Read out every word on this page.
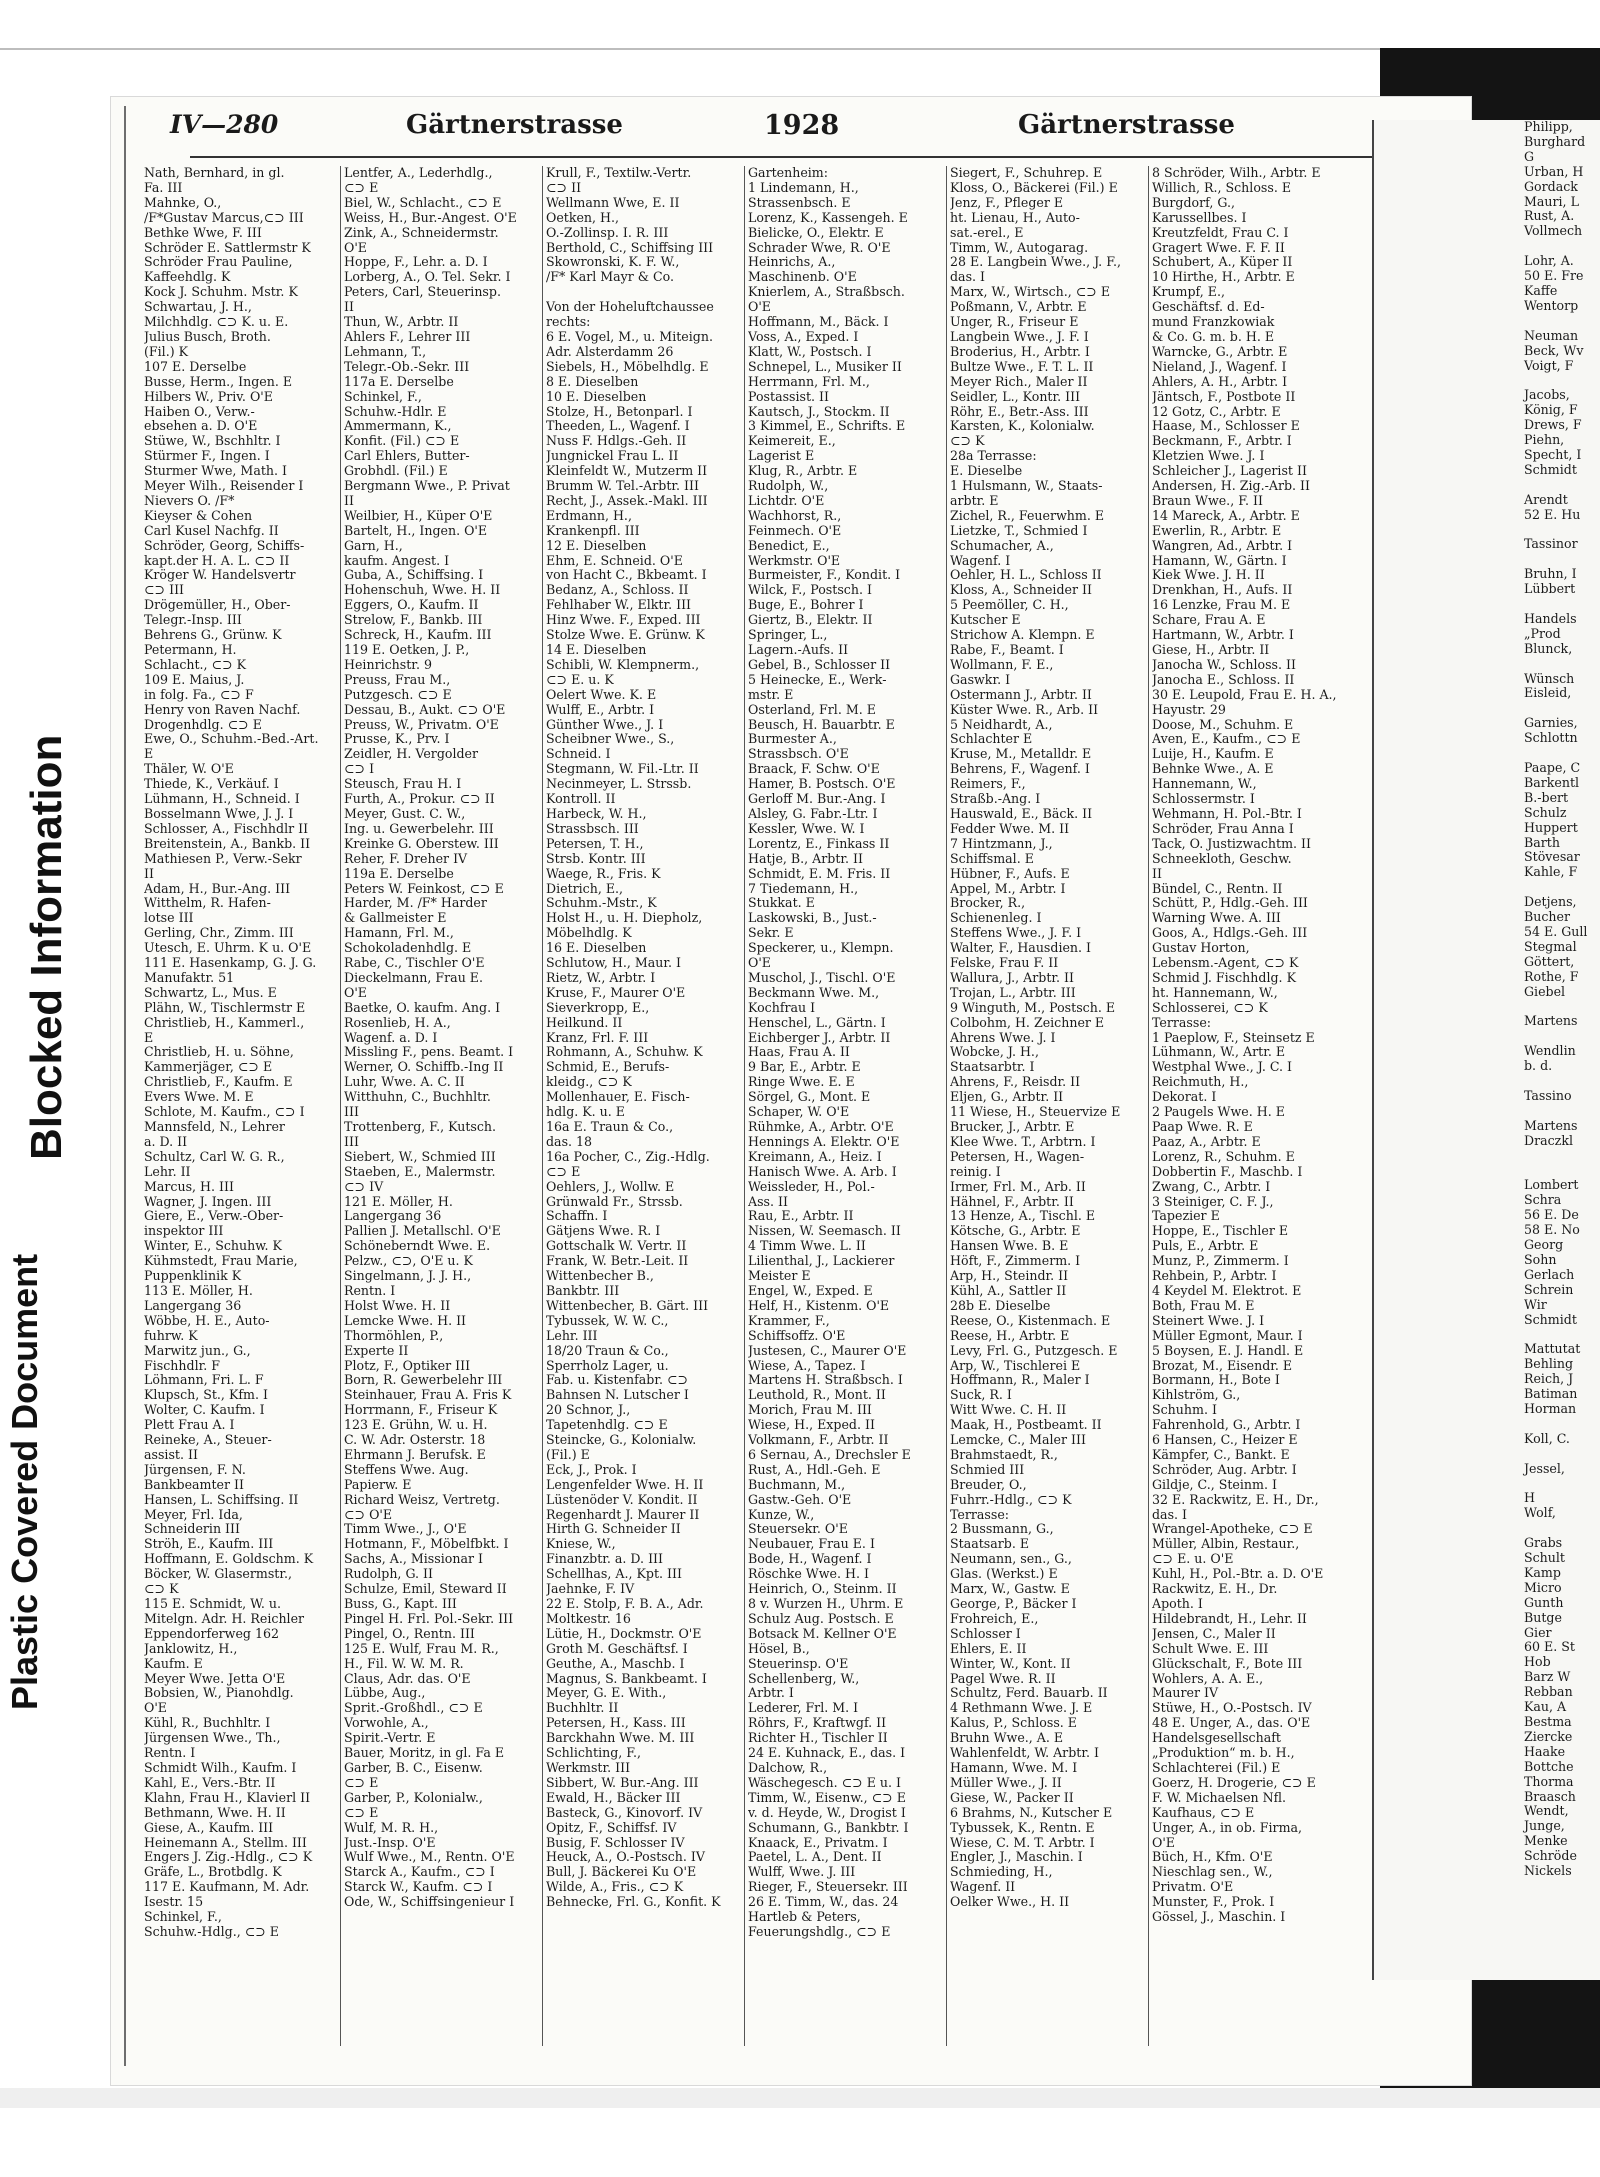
Blocked Information
Plastic Covered Document
IV—280	Gärtnerstrasse	1928	Gärtnerstrasse
Nath, Bernhard, in gl.
Fa. III
Mahnke, O.,
/F*Gustav Marcus,⊂⊃ III
Bethke Wwe, F. III
Schröder E. Sattlermstr K
Schröder Frau Pauline,
Kaffeehdlg. K
Kock J. Schuhm. Mstr. K
Schwartau, J. H.,
Milchhdlg. ⊂⊃ K. u. E.
Julius Busch, Broth.
(Fil.) K
107 E. Derselbe
Busse, Herm., Ingen. E
Hilbers W., Priv. O'E
Haiben O., Verw.-
ebsehen a. D. O'E
Stüwe, W., Bschhltr. I
Stürmer F., Ingen. I
Sturmer Wwe, Math. I
Meyer Wilh., Reisender I
Nievers O. /F*
Kieyser & Cohen
Carl Kusel Nachfg. II
Schröder, Georg, Schiffs-
kapt.der H. A. L. ⊂⊃ II
Kröger W. Handelsvertr
⊂⊃ III
Drögemüller, H., Ober-
Telegr.-Insp. III
Behrens G., Grünw. K
Petermann, H.
Schlacht., ⊂⊃ K
109 E. Maius, J.
in folg. Fa., ⊂⊃ F
Henry von Raven Nachf.
Drogenhdlg. ⊂⊃ E
Ewe, O., Schuhm.-Bed.-Art.
E
Thäler, W. O'E
Thiede, K., Verkäuf. I
Lühmann, H., Schneid. I
Bosselmann Wwe, J. J. I
Schlosser, A., Fischhdlr II
Breitenstein, A., Bankb. II
Mathiesen P., Verw.-Sekr
II
Adam, H., Bur.-Ang. III
Witthelm, R. Hafen-
lotse III
Gerling, Chr., Zimm. III
Utesch, E. Uhrm. K u. O'E
111 E. Hasenkamp, G. J. G.
Manufaktr. 51
Schwartz, L., Mus. E
Plähn, W., Tischlermstr E
Christlieb, H., Kammerl.,
E
Christlieb, H. u. Söhne,
Kammerjäger, ⊂⊃ E
Christlieb, F., Kaufm. E
Evers Wwe. M. E
Schlote, M. Kaufm., ⊂⊃ I
Mannsfeld, N., Lehrer
a. D. II
Schultz, Carl W. G. R.,
Lehr. II
Marcus, H. III
Wagner, J. Ingen. III
Giere, E., Verw.-Ober-
inspektor III
Winter, E., Schuhw. K
Kühmstedt, Frau Marie,
Puppenklinik K
113 E. Möller, H.
Langergang 36
Wöbbe, H. E., Auto-
fuhrw. K
Marwitz jun., G.,
Fischhdlr. F
Löhmann, Fri. L. F
Klupsch, St., Kfm. I
Wolter, C. Kaufm. I
Plett Frau A. I
Reineke, A., Steuer-
assist. II
Jürgensen, F. N.
Bankbeamter II
Hansen, L. Schiffsing. II
Meyer, Frl. Ida,
Schneiderin III
Ströh, E., Kaufm. III
Hoffmann, E. Goldschm. K
Böcker, W. Glasermstr.,
⊂⊃ K
115 E. Schmidt, W. u.
Mitelgn. Adr. H. Reichler
Eppendorferweg 162
Janklowitz, H.,
Kaufm. E
Meyer Wwe. Jetta O'E
Bobsien, W., Pianohdlg.
O'E
Kühl, R., Buchhltr. I
Jürgensen Wwe., Th.,
Rentn. I
Schmidt Wilh., Kaufm. I
Kahl, E., Vers.-Btr. II
Klahn, Frau H., Klavierl II
Bethmann, Wwe. H. II
Giese, A., Kaufm. III
Heinemann A., Stellm. III
Engers J. Zig.-Hdlg., ⊂⊃ K
Gräfe, L., Brotbdlg. K
117 E. Kaufmann, M. Adr.
Isestr. 15
Schinkel, F.,
Schuhw.-Hdlg., ⊂⊃ E
Lentfer, A., Lederhdlg.,
⊂⊃ E
Biel, W., Schlacht., ⊂⊃ E
Weiss, H., Bur.-Angest. O'E
Zink, A., Schneidermstr.
O'E
Hoppe, F., Lehr. a. D. I
Lorberg, A., O. Tel. Sekr. I
Peters, Carl, Steuerinsp.
II
Thun, W., Arbtr. II
Ahlers F., Lehrer III
Lehmann, T.,
Telegr.-Ob.-Sekr. III
117a E. Derselbe
Schinkel, F.,
Schuhw.-Hdlr. E
Ammermann, K.,
Konfit. (Fil.) ⊂⊃ E
Carl Ehlers, Butter-
Grobhdl. (Fil.) E
Bergmann Wwe., P. Privat
II
Weilbier, H., Küper O'E
Bartelt, H., Ingen. O'E
Garn, H.,
kaufm. Angest. I
Guba, A., Schiffsing. I
Hohenschuh, Wwe. H. II
Eggers, O., Kaufm. II
Strelow, F., Bankb. III
Schreck, H., Kaufm. III
119 E. Oetken, J. P.,
Heinrichstr. 9
Preuss, Frau M.,
Putzgesch. ⊂⊃ E
Dessau, B., Aukt. ⊂⊃ O'E
Preuss, W., Privatm. O'E
Prusse, K., Prv. I
Zeidler, H. Vergolder
⊂⊃ I
Steusch, Frau H. I
Furth, A., Prokur. ⊂⊃ II
Meyer, Gust. C. W.,
Ing. u. Gewerbelehr. III
Kreinke G. Oberstew. III
Reher, F. Dreher IV
119a E. Derselbe
Peters W. Feinkost, ⊂⊃ E
Harder, M. /F* Harder
& Gallmeister E
Hamann, Frl. M.,
Schokoladenhdlg. E
Rabe, C., Tischler O'E
Dieckelmann, Frau E.
O'E
Baetke, O. kaufm. Ang. I
Rosenlieb, H. A.,
Wagenf. a. D. I
Missling F., pens. Beamt. I
Werner, O. Schiffb.-Ing II
Luhr, Wwe. A. C. II
Witthuhn, C., Buchhltr.
III
Trottenberg, F., Kutsch.
III
Siebert, W., Schmied III
Staeben, E., Malermstr.
⊂⊃ IV
121 E. Möller, H.
Langergang 36
Pallien J. Metallschl. O'E
Schöneberndt Wwe. E.
Pelzw., ⊂⊃, O'E u. K
Singelmann, J. J. H.,
Rentn. I
Holst Wwe. H. II
Lemcke Wwe. H. II
Thormöhlen, P.,
Experte II
Plotz, F., Optiker III
Born, R. Gewerbelehr III
Steinhauer, Frau A. Fris K
Horrmann, F., Friseur K
123 E. Grühn, W. u. H.
C. W. Adr. Osterstr. 18
Ehrmann J. Berufsk. E
Steffens Wwe. Aug.
Papierw. E
Richard Weisz, Vertretg.
⊂⊃ O'E
Timm Wwe., J., O'E
Hotmann, F., Möbelfbkt. I
Sachs, A., Missionar I
Rudolph, G. II
Schulze, Emil, Steward II
Buss, G., Kapt. III
Pingel H. Frl. Pol.-Sekr. III
Pingel, O., Rentn. III
125 E. Wulf, Frau M. R.,
H., Fil. W. W. M. R.
Claus, Adr. das. O'E
Lübbe, Aug.,
Sprit.-Großhdl., ⊂⊃ E
Vorwohle, A.,
Spirit.-Vertr. E
Bauer, Moritz, in gl. Fa E
Garber, B. C., Eisenw.
⊂⊃ E
Garber, P., Kolonialw.,
⊂⊃ E
Wulf, M. R. H.,
Just.-Insp. O'E
Wulf Wwe., M., Rentn. O'E
Starck A., Kaufm., ⊂⊃ I
Starck W., Kaufm. ⊂⊃ I
Ode, W., Schiffsingenieur I
Krull, F., Textilw.-Vertr.
⊂⊃ II
Wellmann Wwe, E. II
Oetken, H.,
O.-Zollinsp. I. R. III
Berthold, C., Schiffsing III
Skowronski, K. F. W.,
/F* Karl Mayr & Co.

Von der Hoheluftchaussee
rechts:
6 E. Vogel, M., u. Miteign.
Adr. Alsterdamm 26
Siebels, H., Möbelhdlg. E
8 E. Dieselben
10 E. Dieselben
Stolze, H., Betonparl. I
Theeden, L., Wagenf. I
Nuss F. Hdlgs.-Geh. II
Jungnickel Frau L. II
Kleinfeldt W., Mutzerm II
Brumm W. Tel.-Arbtr. III
Recht, J., Assek.-Makl. III
Erdmann, H.,
Krankenpfl. III
12 E. Dieselben
Ehm, E. Schneid. O'E
von Hacht C., Bkbeamt. I
Bedanz, A., Schloss. II
Fehlhaber W., Elktr. III
Hinz Wwe. F., Exped. III
Stolze Wwe. E. Grünw. K
14 E. Dieselben
Schibli, W. Klempnerm.,
⊂⊃ E. u. K
Oelert Wwe. K. E
Wulff, E., Arbtr. I
Günther Wwe., J. I
Scheibner Wwe., S.,
Schneid. I
Stegmann, W. Fil.-Ltr. II
Necinmeyer, L. Strssb.
Kontroll. II
Harbeck, W. H.,
Strassbsch. III
Petersen, T. H.,
Strsb. Kontr. III
Waege, R., Fris. K
Dietrich, E.,
Schuhm.-Mstr., K
Holst H., u. H. Diepholz,
Möbelhdlg. K
16 E. Dieselben
Schlutow, H., Maur. I
Rietz, W., Arbtr. I
Kruse, F., Maurer O'E
Sieverkropp, E.,
Heilkund. II
Kranz, Frl. F. III
Rohmann, A., Schuhw. K
Schmid, E., Berufs-
kleidg., ⊂⊃ K
Mollenhauer, E. Fisch-
hdlg. K. u. E
16a E. Traun & Co.,
das. 18
16a Pocher, C., Zig.-Hdlg.
⊂⊃ E
Oehlers, J., Wollw. E
Grünwald Fr., Strssb.
Schaffn. I
Gätjens Wwe. R. I
Gottschalk W. Vertr. II
Frank, W. Betr.-Leit. II
Wittenbecher B.,
Bankbtr. III
Wittenbecher, B. Gärt. III
Tybussek, W. W. C.,
Lehr. III
18/20 Traun & Co.,
Sperrholz Lager, u.
Fab. u. Kistenfabr. ⊂⊃
Bahnsen N. Lutscher I
20 Schnor, J.,
Tapetenhdlg. ⊂⊃ E
Steincke, G., Kolonialw.
(Fil.) E
Eck, J., Prok. I
Lengenfelder Wwe. H. II
Lüstenöder V. Kondit. II
Regenhardt J. Maurer II
Hirth G. Schneider II
Kniese, W.,
Finanzbtr. a. D. III
Schellhas, A., Kpt. III
Jaehnke, F. IV
22 E. Stolp, F. B. A., Adr.
Moltkestr. 16
Lütie, H., Dockmstr. O'E
Groth M. Geschäftsf. I
Geuthe, A., Maschb. I
Magnus, S. Bankbeamt. I
Meyer, G. E. With.,
Buchhltr. II
Petersen, H., Kass. III
Barckhahn Wwe. M. III
Schlichting, F.,
Werkmstr. III
Sibbert, W. Bur.-Ang. III
Ewald, H., Bäcker III
Basteck, G., Kinovorf. IV
Opitz, F., Schiffsf. IV
Busig, F. Schlosser IV
Heuck, A., O.-Postsch. IV
Bull, J. Bäckerei Ku O'E
Wilde, A., Fris., ⊂⊃ K
Behnecke, Frl. G., Konfit. K
Gartenheim:
1 Lindemann, H.,
Strassenbsch. E
Lorenz, K., Kassengeh. E
Bielicke, O., Elektr. E
Schrader Wwe, R. O'E
Heinrichs, A.,
Maschinenb. O'E
Knierlem, A., Straßbsch.
O'E
Hoffmann, M., Bäck. I
Voss, A., Exped. I
Klatt, W., Postsch. I
Schnepel, L., Musiker II
Herrmann, Frl. M.,
Postassist. II
Kautsch, J., Stockm. II
3 Kimmel, E., Schrifts. E
Keimereit, E.,
Lagerist E
Klug, R., Arbtr. E
Rudolph, W.,
Lichtdr. O'E
Wachhorst, R.,
Feinmech. O'E
Benedict, E.,
Werkmstr. O'E
Burmeister, F., Kondit. I
Wilck, F., Postsch. I
Buge, E., Bohrer I
Giertz, B., Elektr. II
Springer, L.,
Lagern.-Aufs. II
Gebel, B., Schlosser II
5 Heinecke, E., Werk-
mstr. E
Osterland, Frl. M. E
Beusch, H. Bauarbtr. E
Burmester A.,
Strassbsch. O'E
Braack, F. Schw. O'E
Hamer, B. Postsch. O'E
Gerloff M. Bur.-Ang. I
Alsley, G. Fabr.-Ltr. I
Kessler, Wwe. W. I
Lorentz, E., Finkass II
Hatje, B., Arbtr. II
Schmidt, E. M. Fris. II
7 Tiedemann, H.,
Stukkat. E
Laskowski, B., Just.-
Sekr. E
Speckerer, u., Klempn.
O'E
Muschol, J., Tischl. O'E
Beckmann Wwe. M.,
Kochfrau I
Henschel, L., Gärtn. I
Eichberger J., Arbtr. II
Haas, Frau A. II
9 Bar, E., Arbtr. E
Ringe Wwe. E. E
Sörgel, G., Mont. E
Schaper, W. O'E
Rühmke, A., Arbtr. O'E
Hennings A. Elektr. O'E
Kreimann, A., Heiz. I
Hanisch Wwe. A. Arb. I
Weissleder, H., Pol.-
Ass. II
Rau, E., Arbtr. II
Nissen, W. Seemasch. II
4 Timm Wwe. L. II
Lilienthal, J., Lackierer
Meister E
Engel, W., Exped. E
Helf, H., Kistenm. O'E
Krammer, F.,
Schiffsoffz. O'E
Justesen, C., Maurer O'E
Wiese, A., Tapez. I
Martens H. Straßbsch. I
Leuthold, R., Mont. II
Morich, Frau M. III
Wiese, H., Exped. II
Volkmann, F., Arbtr. II
6 Sernau, A., Drechsler E
Rust, A., Hdl.-Geh. E
Buchmann, M.,
Gastw.-Geh. O'E
Kunze, W.,
Steuersekr. O'E
Neubauer, Frau E. I
Bode, H., Wagenf. I
Röschke Wwe. H. I
Heinrich, O., Steinm. II
8 v. Wurzen H., Uhrm. E
Schulz Aug. Postsch. E
Botsack M. Kellner O'E
Hösel, B.,
Steuerinsp. O'E
Schellenberg, W.,
Arbtr. I
Lederer, Frl. M. I
Röhrs, F., Kraftwgf. II
Richter H., Tischler II
24 E. Kuhnack, E., das. I
Dalchow, R.,
Wäschegesch. ⊂⊃ E u. I
Timm, W., Eisenw., ⊂⊃ E
v. d. Heyde, W., Drogist I
Schumann, G., Bankbtr. I
Knaack, E., Privatm. I
Paetel, L. A., Dent. II
Wulff, Wwe. J. III
Rieger, F., Steuersekr. III
26 E. Timm, W., das. 24
Hartleb & Peters,
Feuerungshdlg., ⊂⊃ E
Siegert, F., Schuhrep. E
Kloss, O., Bäckerei (Fil.) E
Jenz, F., Pfleger E
ht. Lienau, H., Auto-
sat.-erel., E
Timm, W., Autogarag.
28 E. Langbein Wwe., J. F.,
das. I
Marx, W., Wirtsch., ⊂⊃ E
Poßmann, V., Arbtr. E
Unger, R., Friseur E
Langbein Wwe., J. F. I
Broderius, H., Arbtr. I
Bultze Wwe., F. T. L. II
Meyer Rich., Maler II
Seidler, L., Kontr. III
Röhr, E., Betr.-Ass. III
Karsten, K., Kolonialw.
⊂⊃ K
28a Terrasse:
E. Dieselbe
1 Hulsmann, W., Staats-
arbtr. E
Zichel, R., Feuerwhm. E
Lietzke, T., Schmied I
Schumacher, A.,
Wagenf. I
Oehler, H. L., Schloss II
Kloss, A., Schneider II
5 Peemöller, C. H.,
Kutscher E
Strichow A. Klempn. E
Rabe, F., Beamt. I
Wollmann, F. E.,
Gaswkr. I
Ostermann J., Arbtr. II
Küster Wwe. R., Arb. II
5 Neidhardt, A.,
Schlachter E
Kruse, M., Metalldr. E
Behrens, F., Wagenf. I
Reimers, F.,
Straßb.-Ang. I
Hauswald, E., Bäck. II
Fedder Wwe. M. II
7 Hintzmann, J.,
Schiffsmal. E
Hübner, F., Aufs. E
Appel, M., Arbtr. I
Brocker, R.,
Schienenleg. I
Steffens Wwe., J. F. I
Walter, F., Hausdien. I
Felske, Frau F. II
Wallura, J., Arbtr. II
Trojan, L., Arbtr. III
9 Winguth, M., Postsch. E
Colbohm, H. Zeichner E
Ahrens Wwe. J. I
Wobcke, J. H.,
Staatsarbtr. I
Ahrens, F., Reisdr. II
Eljen, G., Arbtr. II
11 Wiese, H., Steuervize E
Brucker, J., Arbtr. E
Klee Wwe. T., Arbtrn. I
Petersen, H., Wagen-
reinig. I
Irmer, Frl. M., Arb. II
Hähnel, F., Arbtr. II
13 Henze, A., Tischl. E
Kötsche, G., Arbtr. E
Hansen Wwe. B. E
Höft, F., Zimmerm. I
Arp, H., Steindr. II
Kühl, A., Sattler II
28b E. Dieselbe
Reese, O., Kistenmach. E
Reese, H., Arbtr. E
Levy, Frl. G., Putzgesch. E
Arp, W., Tischlerei E
Hoffmann, R., Maler I
Suck, R. I
Witt Wwe. C. H. II
Maak, H., Postbeamt. II
Lemcke, C., Maler III
Brahmstaedt, R.,
Schmied III
Breuder, O.,
Fuhrr.-Hdlg., ⊂⊃ K
Terrasse:
2 Bussmann, G.,
Staatsarb. E
Neumann, sen., G.,
Glas. (Werkst.) E
Marx, W., Gastw. E
George, P., Bäcker I
Frohreich, E.,
Schlosser I
Ehlers, E. II
Winter, W., Kont. II
Pagel Wwe. R. II
Schultz, Ferd. Bauarb. II
4 Rethmann Wwe. J. E
Kalus, P., Schloss. E
Bruhn Wwe., A. E
Wahlenfeldt, W. Arbtr. I
Hamann, Wwe. M. I
Müller Wwe., J. II
Giese, W., Packer II
6 Brahms, N., Kutscher E
Tybussek, K., Rentn. E
Wiese, C. M. T. Arbtr. I
Engler, J., Maschin. I
Schmieding, H.,
Wagenf. II
Oelker Wwe., H. II
8 Schröder, Wilh., Arbtr. E
Willich, R., Schloss. E
Burgdorf, G.,
Karussellbes. I
Kreutzfeldt, Frau C. I
Gragert Wwe. F. F. II
Schubert, A., Küper II
10 Hirthe, H., Arbtr. E
Krumpf, E.,
Geschäftsf. d. Ed-
mund Franzkowiak
& Co. G. m. b. H. E
Warncke, G., Arbtr. E
Nieland, J., Wagenf. I
Ahlers, A. H., Arbtr. I
Jäntsch, F., Postbote II
12 Gotz, C., Arbtr. E
Haase, M., Schlosser E
Beckmann, F., Arbtr. I
Kletzien Wwe. J. I
Schleicher J., Lagerist II
Andersen, H. Zig.-Arb. II
Braun Wwe., F. II
14 Mareck, A., Arbtr. E
Ewerlin, R., Arbtr. E
Wangren, Ad., Arbtr. I
Hamann, W., Gärtn. I
Kiek Wwe. J. H. II
Drenkhan, H., Aufs. II
16 Lenzke, Frau M. E
Schare, Frau A. E
Hartmann, W., Arbtr. I
Giese, H., Arbtr. II
Janocha W., Schloss. II
Janocha E., Schloss. II
30 E. Leupold, Frau E. H. A.,
Hayustr. 29
Doose, M., Schuhm. E
Aven, E., Kaufm., ⊂⊃ E
Luije, H., Kaufm. E
Behnke Wwe., A. E
Hannemann, W.,
Schlossermstr. I
Wehmann, H. Pol.-Btr. I
Schröder, Frau Anna I
Tack, O. Justizwachtm. II
Schneekloth, Geschw.
II
Bündel, C., Rentn. II
Schütt, P., Hdlg.-Geh. III
Warning Wwe. A. III
Goos, A., Hdlgs.-Geh. III
Gustav Horton,
Lebensm.-Agent, ⊂⊃ K
Schmid J. Fischhdlg. K
ht. Hannemann, W.,
Schlosserei, ⊂⊃ K
Terrasse:
1 Paeplow, F., Steinsetz E
Lühmann, W., Artr. E
Westphal Wwe., J. C. I
Reichmuth, H.,
Dekorat. I
2 Paugels Wwe. H. E
Paap Wwe. R. E
Paaz, A., Arbtr. E
Lorenz, R., Schuhm. E
Dobbertin F., Maschb. I
Zwang, C., Arbtr. I
3 Steiniger, C. F. J.,
Tapezier E
Hoppe, E., Tischler E
Puls, E., Arbtr. E
Munz, P., Zimmerm. I
Rehbein, P., Arbtr. I
4 Keydel M. Elektrot. E
Both, Frau M. E
Steinert Wwe. J. I
Müller Egmont, Maur. I
5 Boysen, E. J. Handl. E
Brozat, M., Eisendr. E
Bormann, H., Bote I
Kihlström, G.,
Schuhm. I
Fahrenhold, G., Arbtr. I
6 Hansen, C., Heizer E
Kämpfer, C., Bankt. E
Schröder, Aug. Arbtr. I
Gildje, C., Steinm. I
32 E. Rackwitz, E. H., Dr.,
das. I
Wrangel-Apotheke, ⊂⊃ E
Müller, Albin, Restaur.,
⊂⊃ E. u. O'E
Kuhl, H., Pol.-Btr. a. D. O'E
Rackwitz, E. H., Dr.
Apoth. I
Hildebrandt, H., Lehr. II
Jensen, C., Maler II
Schult Wwe. E. III
Glückschalt, F., Bote III
Wohlers, A. A. E.,
Maurer IV
Stüwe, H., O.-Postsch. IV
48 E. Unger, A., das. O'E
Handelsgesellschaft
„Produktion“ m. b. H.,
Schlachterei (Fil.) E
Goerz, H. Drogerie, ⊂⊃ E
F. W. Michaelsen Nfl.
Kaufhaus, ⊂⊃ E
Unger, A., in ob. Firma,
O'E
Büch, H., Kfm. O'E
Nieschlag sen., W.,
Privatm. O'E
Munster, F., Prok. I
Gössel, J., Maschin. I
Philipp,
Burghard
G
Urban, H
Gordack
Mauri, L
Rust, A.
Vollmech

Lohr, A.
50 E. Fre
Kaffe
Wentorp

Neuman
Beck, Wv
Voigt, F

Jacobs,
König, F
Drews, F
Piehn,
Specht, I
Schmidt

Arendt
52 E. Hu

Tassinor

Bruhn, I
Lübbert

Handels
„Prod
Blunck,

Wünsch
Eisleid,

Garnies,
Schlottn

Paape, C
Barkentl
B.-bert
Schulz
Huppert
Barth
Stövesar
Kahle, F

Detjens,
Bucher
54 E. Gull
Stegmal
Göttert,
Rothe, F
Giebel

Martens

Wendlin
b. d.

Tassino

Martens
Draczkl

Lombert
Schra
56 E. De
58 E. No
Georg
Sohn
Gerlach
Schrein
Wir
Schmidt

Mattutat
Behling
Reich, J
Batiman
Horman

Koll, C.

Jessel,

H
Wolf,

Grabs
Schult
Kamp
Micro
Gunth
Butge
Gier
60 E. St
Hob
Barz W
Rebban
Kau, A
Bestma
Ziercke
Haake
Bottche
Thorma
Braasch
Wendt,
Junge,
Menke
Schröde
Nickels
